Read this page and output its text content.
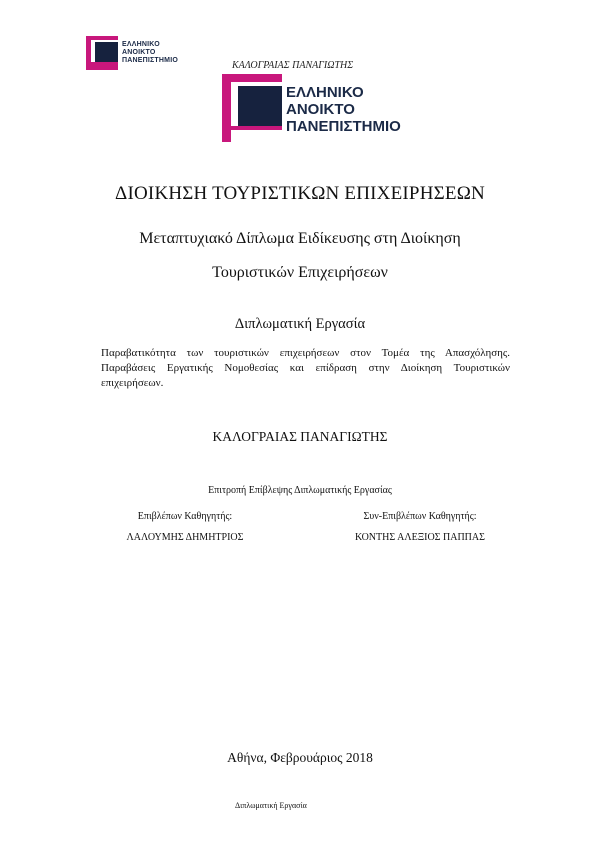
ΕΛΛΗΝΙΚΟ
ΑΝΟΙΚΤΟ
ΠΑΝΕΠΙΣΤΗΜΙΟ	ΚΑΛΟΓΡΑΙΑΣ ΠΑΝΑΓΙΩΤΗΣ
ΕΛΛΗΝΙΚΟ
ΑΝΟΙΚΤΟ
ΠΑΝΕΠΙΣΤΗΜΙΟ
ΔΙΟΙΚΗΣΗ ΤΟΥΡΙΣΤΙΚΩΝ ΕΠΙΧΕΙΡΗΣΕΩΝ
Μεταπτυχιακό Δίπλωμα Ειδίκευσης στη Διοίκηση
Τουριστικών Επιχειρήσεων
Διπλωματική Εργασία
Παραβατικότητα των τουριστικών επιχειρήσεων στον Τομέα της Απασχόλησης. Παραβάσεις Εργατικής Νομοθεσίας και επίδραση στην Διοίκηση Τουριστικών επιχειρήσεων.
ΚΑΛΟΓΡΑΙΑΣ ΠΑΝΑΓΙΩΤΗΣ
Επιτροπή Επίβλεψης Διπλωματικής Εργασίας
Επιβλέπων Καθηγητής:
ΛΑΛΟΥΜΗΣ ΔΗΜΗΤΡΙΟΣ
Συν-Επιβλέπων Καθηγητής:
ΚΟΝΤΗΣ ΑΛΕΞΙΟΣ ΠΑΠΠΑΣ
Αθήνα, Φεβρουάριος 2018
Διπλωματική Εργασία
